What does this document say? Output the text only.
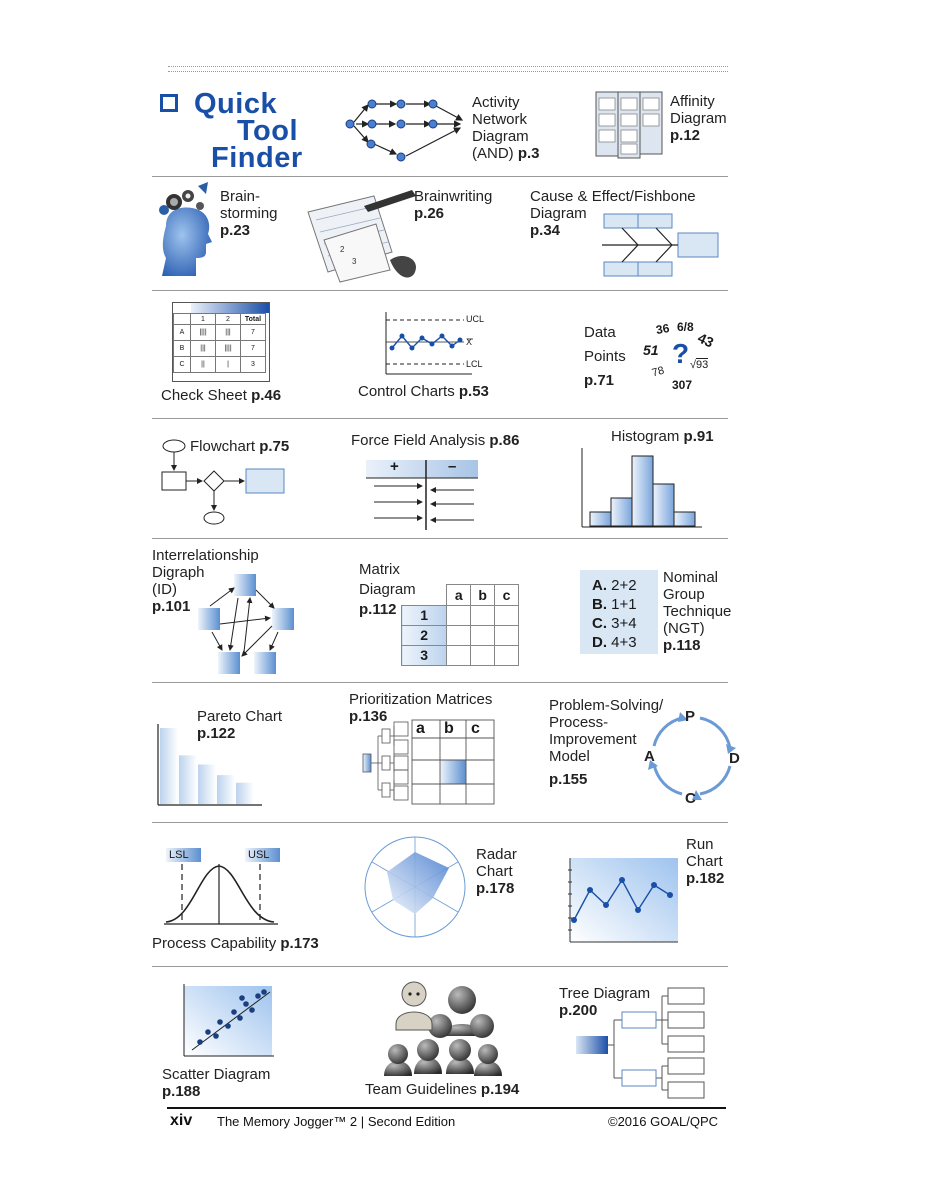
Quick
Tool
Finder
Activity
Network
Diagram
(AND) p.3
Affinity
Diagram
p.12
Brain-
storming
p.23
2
3
Brainwriting
p.26
Cause & Effect/Fishbone
Diagram
p.34
	1	2	Total
A	||||	|||	7
B	|||	||||	7
C	||	|	3
Check Sheet p.46
UCL
X
LCL
Control Charts p.53
Data
Points
p.71
36 6/8
43
51 ? √93
78
307
Flowchart p.75	Force Field Analysis p.86
+	–
Histogram p.91
Interrelationship
Digraph
(ID)
p.101
Matrix
Diagram
p.112
	a	b	c
1			
2			
3			
A. 2+2
B. 1+1
C. 3+4
D. 4+3
Nominal
Group
Technique
(NGT)
p.118
Pareto Chart
p.122
Prioritization Matrices
p.136
a b c
Problem-Solving/
Process-
Improvement
Model
p.155
P
D
C
A
LSL	USL
Process Capability p.173
Radar
Chart
p.178
Run
Chart
p.182
Scatter Diagram
p.188	Team Guidelines p.194
Tree Diagram
p.200
xiv The Memory Jogger™ 2 | Second Edition	©2016 GOAL/QPC
